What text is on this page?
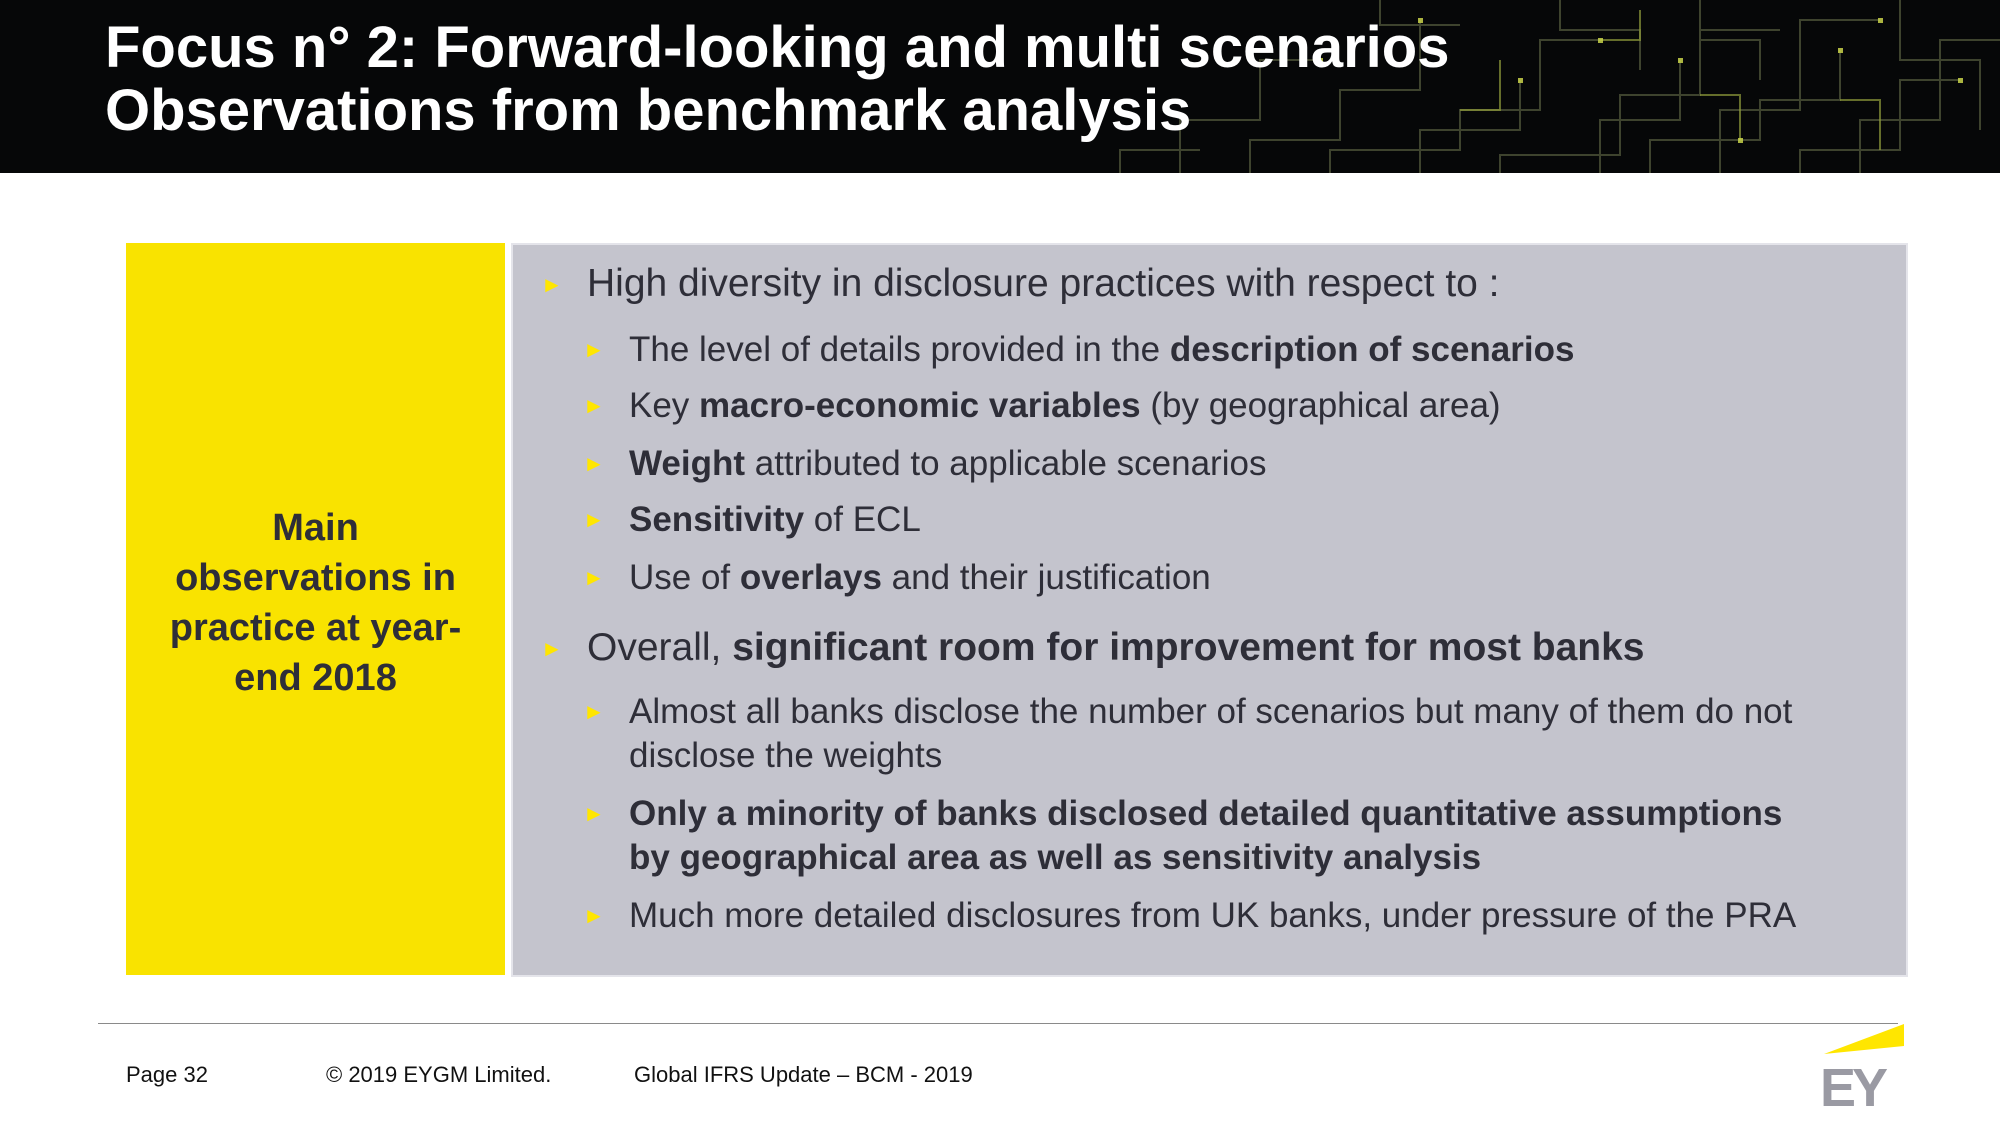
Focus n° 2: Forward-looking and multi scenarios
Observations from benchmark analysis
Main observations in practice at year-end 2018
► High diversity in disclosure practices with respect to :
► The level of details provided in the description of scenarios
► Key macro-economic variables (by geographical area)
► Weight attributed to applicable scenarios
► Sensitivity of ECL
► Use of overlays and their justification
► Overall, significant room for improvement for most banks
► Almost all banks disclose the number of scenarios but many of them do not
disclose the weights
► Only a minority of banks disclosed detailed quantitative assumptions
by geographical area as well as sensitivity analysis
► Much more detailed disclosures from UK banks, under pressure of the PRA
Page 32	© 2019 EYGM Limited.	Global IFRS Update – BCM - 2019	EY
